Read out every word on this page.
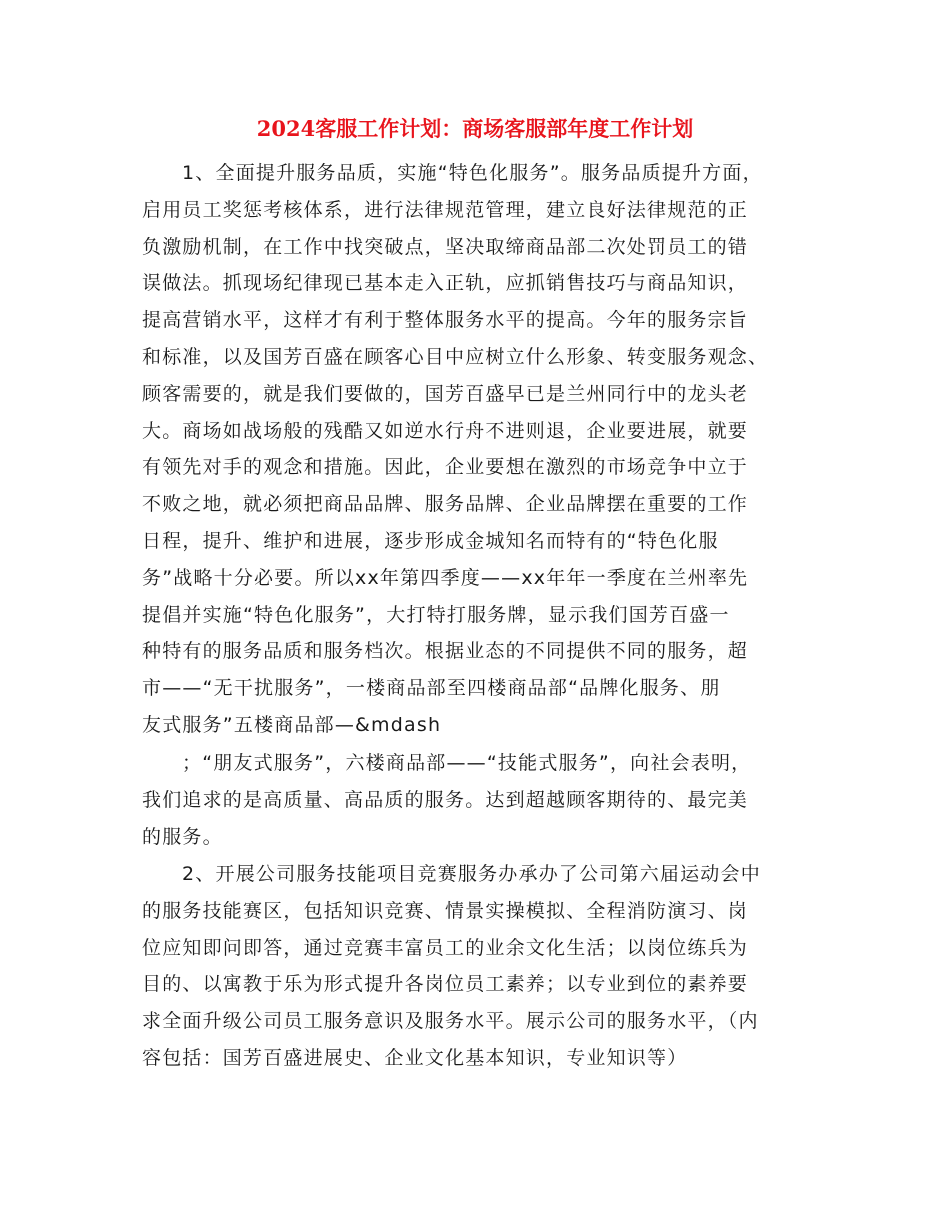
2024客服工作计划：商场客服部年度工作计划
1、全面提升服务品质，实施“特色化服务”。服务品质提升方面，
启用员工奖惩考核体系，进行法律规范管理，建立良好法律规范的正
负激励机制，在工作中找突破点，坚决取缔商品部二次处罚员工的错
误做法。抓现场纪律现已基本走入正轨，应抓销售技巧与商品知识，
提高营销水平，这样才有利于整体服务水平的提高。今年的服务宗旨
和标准，以及国芳百盛在顾客心目中应树立什么形象、转变服务观念、
顾客需要的，就是我们要做的，国芳百盛早已是兰州同行中的龙头老
大。商场如战场般的残酷又如逆水行舟不进则退，企业要进展，就要
有领先对手的观念和措施。因此，企业要想在激烈的市场竞争中立于
不败之地，就必须把商品品牌、服务品牌、企业品牌摆在重要的工作
日程，提升、维护和进展，逐步形成金城知名而特有的“特色化服
务”战略十分必要。所以xx年第四季度——xx年年一季度在兰州率先
提倡并实施“特色化服务”，大打特打服务牌，显示我们国芳百盛一
种特有的服务品质和服务档次。根据业态的不同提供不同的服务，超
市——“无干扰服务”，一楼商品部至四楼商品部“品牌化服务、朋
友式服务”五楼商品部—&mdash
；“朋友式服务”，六楼商品部——“技能式服务”，向社会表明，
我们追求的是高质量、高品质的服务。达到超越顾客期待的、最完美
的服务。
2、开展公司服务技能项目竞赛服务办承办了公司第六届运动会中
的服务技能赛区，包括知识竞赛、情景实操模拟、全程消防演习、岗
位应知即问即答，通过竞赛丰富员工的业余文化生活；以岗位练兵为
目的、以寓教于乐为形式提升各岗位员工素养；以专业到位的素养要
求全面升级公司员工服务意识及服务水平。展示公司的服务水平，（内
容包括：国芳百盛进展史、企业文化基本知识，专业知识等）
